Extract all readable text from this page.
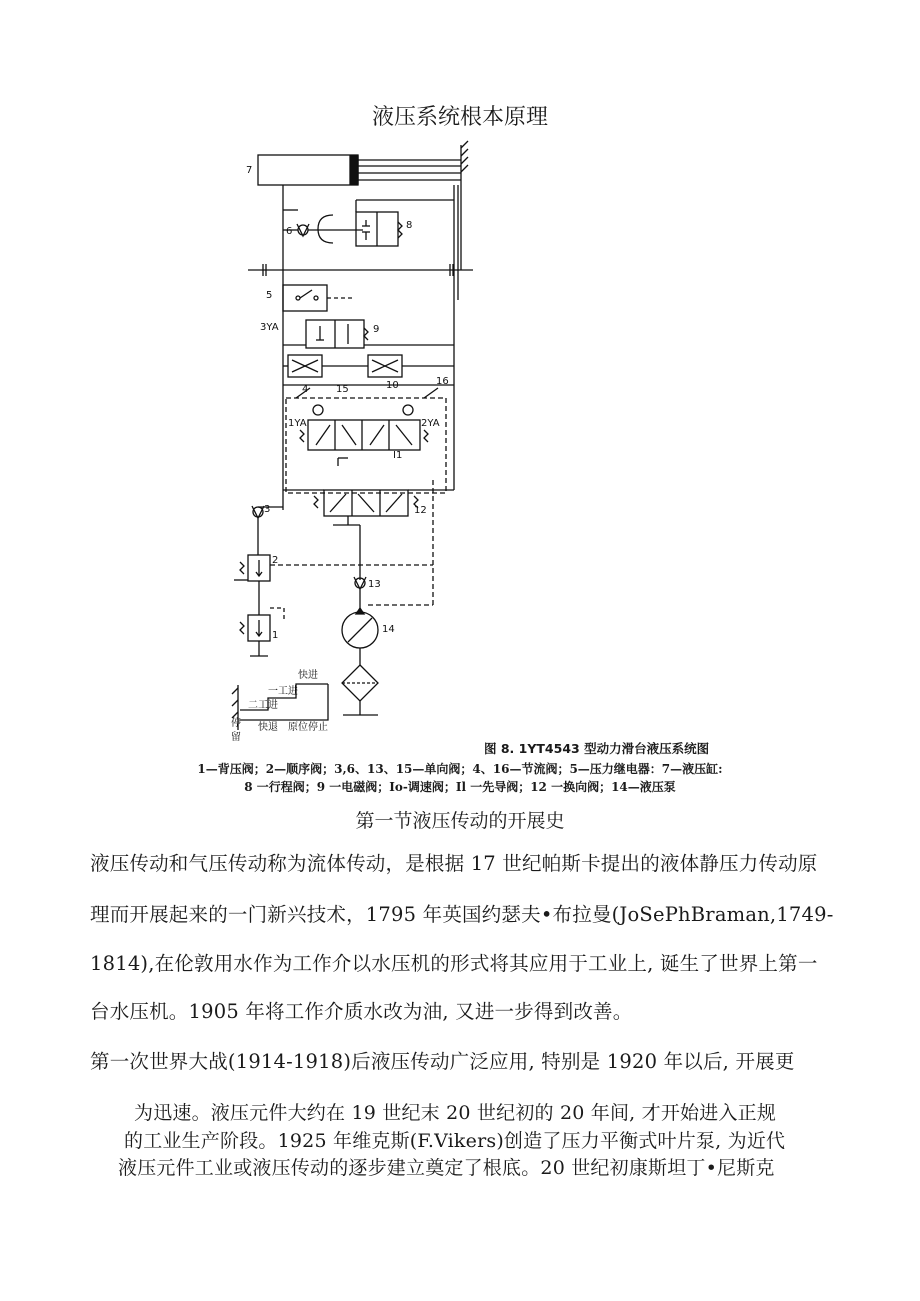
液压系统根本原理
7
6
8
5
3YA	9
10
4	15
16
1YA	2YA
I1
12
3
2
1
13
14
快进
一工进
二工进
停
留
快退 原位停止
图 8. 1YT4543 型动力滑台液压系统图
1—背压阀；2—顺序阀；3,6、13、15—单向阀；4、16—节流阀；5—压力继电器：7—液压缸:
8 一行程阀；9 一电磁阀；Io-调速阀；Il 一先导阀；12 一换向阀；14—液压泵
第一节液压传动的开展史
液压传动和气压传动称为流体传动，是根据 17 世纪帕斯卡提出的液体静压力传动原
理而开展起来的一门新兴技术，1795 年英国约瑟夫•布拉曼(JoSePhBraman,1749-
1814),在伦敦用水作为工作介以水压机的形式将其应用于工业上, 诞生了世界上第一
台水压机。1905 年将工作介质水改为油, 又进一步得到改善。
第一次世界大战(1914-1918)后液压传动广泛应用, 特别是 1920 年以后, 开展更
为迅速。液压元件大约在 19 世纪末 20 世纪初的 20 年间, 才开始进入正规
的工业生产阶段。1925 年维克斯(F.Vikers)创造了压力平衡式叶片泵, 为近代
液压元件工业或液压传动的逐步建立奠定了根底。20 世纪初康斯坦丁•尼斯克
